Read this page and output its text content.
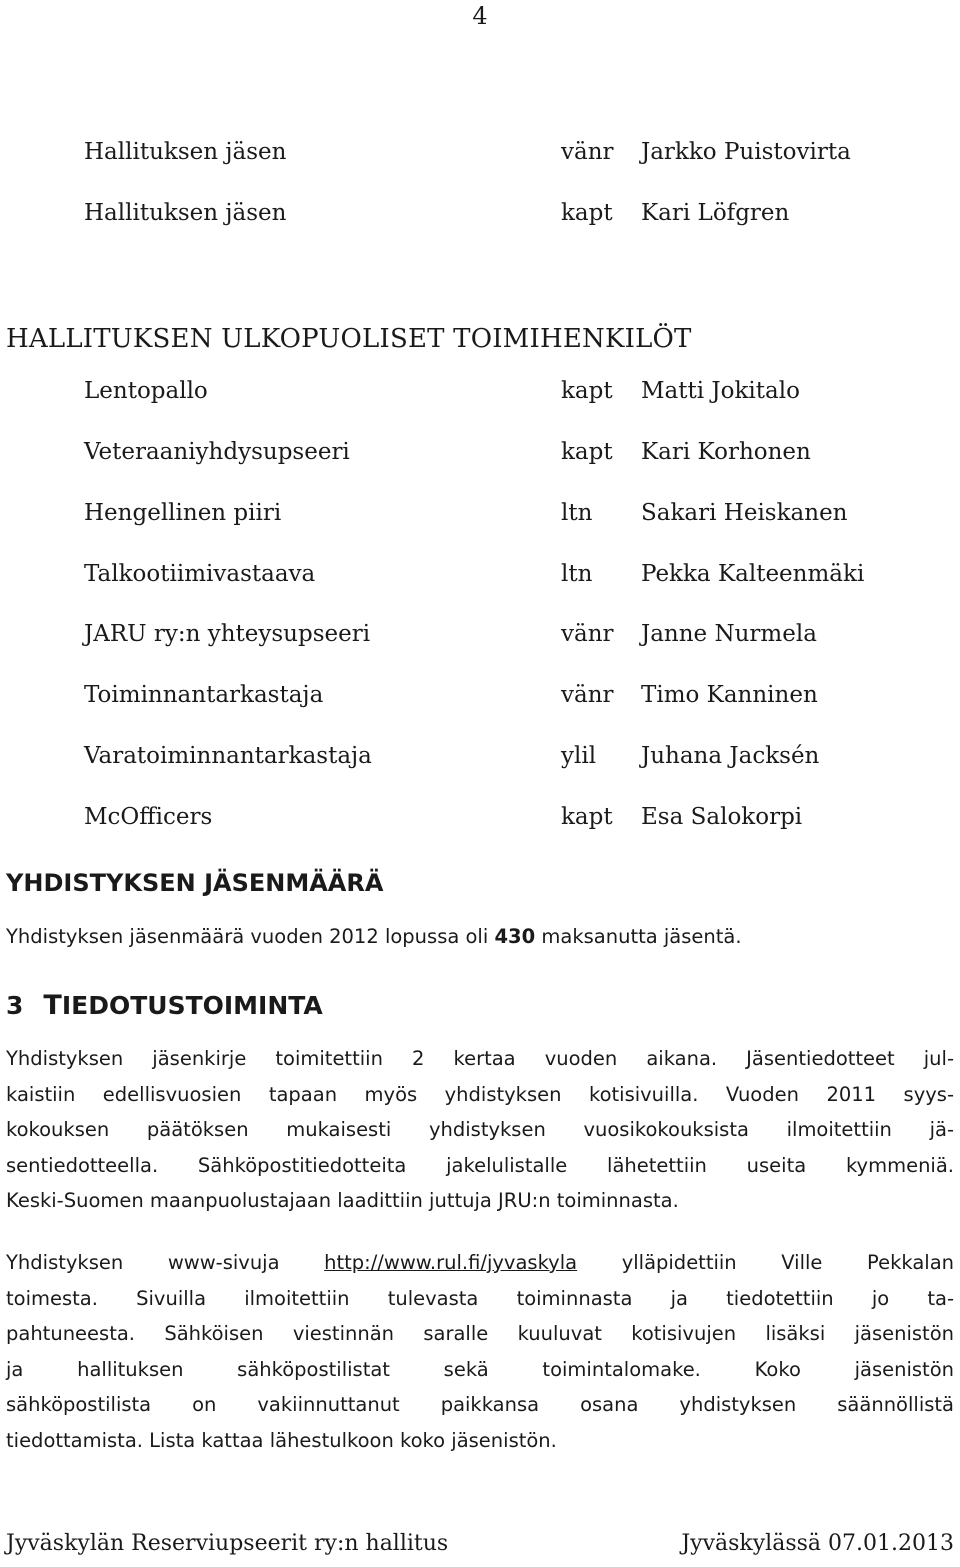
4
Hallituksen jäsen	vänr Jarkko Puistovirta
Hallituksen jäsen	kapt Kari Löfgren
HALLITUKSEN ULKOPUOLISET TOIMIHENKILÖT
Lentopallo	kapt Matti Jokitalo
Veteraaniyhdysupseeri	kapt Kari Korhonen
Hengellinen piiri	ltn Sakari Heiskanen
Talkootiimivastaava	ltn Pekka Kalteenmäki
JARU ry:n yhteysupseeri	vänr Janne Nurmela
Toiminnantarkastaja	vänr Timo Kanninen
Varatoiminnantarkastaja	ylil Juhana Jacksén
McOfficers	kapt Esa Salokorpi
YHDISTYKSEN JÄSENMÄÄRÄ
Yhdistyksen jäsenmäärä vuoden 2012 lopussa oli 430 maksanutta jäsentä.
3 TIEDOTUSTOIMINTA
Yhdistyksen jäsenkirje toimitettiin 2 kertaa vuoden aikana. Jäsentiedotteet jul-
kaistiin edellisvuosien tapaan myös yhdistyksen kotisivuilla. Vuoden 2011 syys-
kokouksen päätöksen mukaisesti yhdistyksen vuosikokouksista ilmoitettiin jä-
sentiedotteella. Sähköpostitiedotteita jakelulistalle lähetettiin useita kymmeniä.
Keski-Suomen maanpuolustajaan laadittiin juttuja JRU:n toiminnasta.
Yhdistyksen www-sivuja http://www.rul.fi/jyvaskyla ylläpidettiin Ville Pekkalan
toimesta. Sivuilla ilmoitettiin tulevasta toiminnasta ja tiedotettiin jo ta-
pahtuneesta. Sähköisen viestinnän saralle kuuluvat kotisivujen lisäksi jäsenistön
ja hallituksen sähköpostilistat sekä toimintalomake. Koko jäsenistön
sähköpostilista on vakiinnuttanut paikkansa osana yhdistyksen säännöllistä
tiedottamista. Lista kattaa lähestulkoon koko jäsenistön.
Jyväskylän Reserviupseerit ry:n hallitus	Jyväskylässä 07.01.2013
